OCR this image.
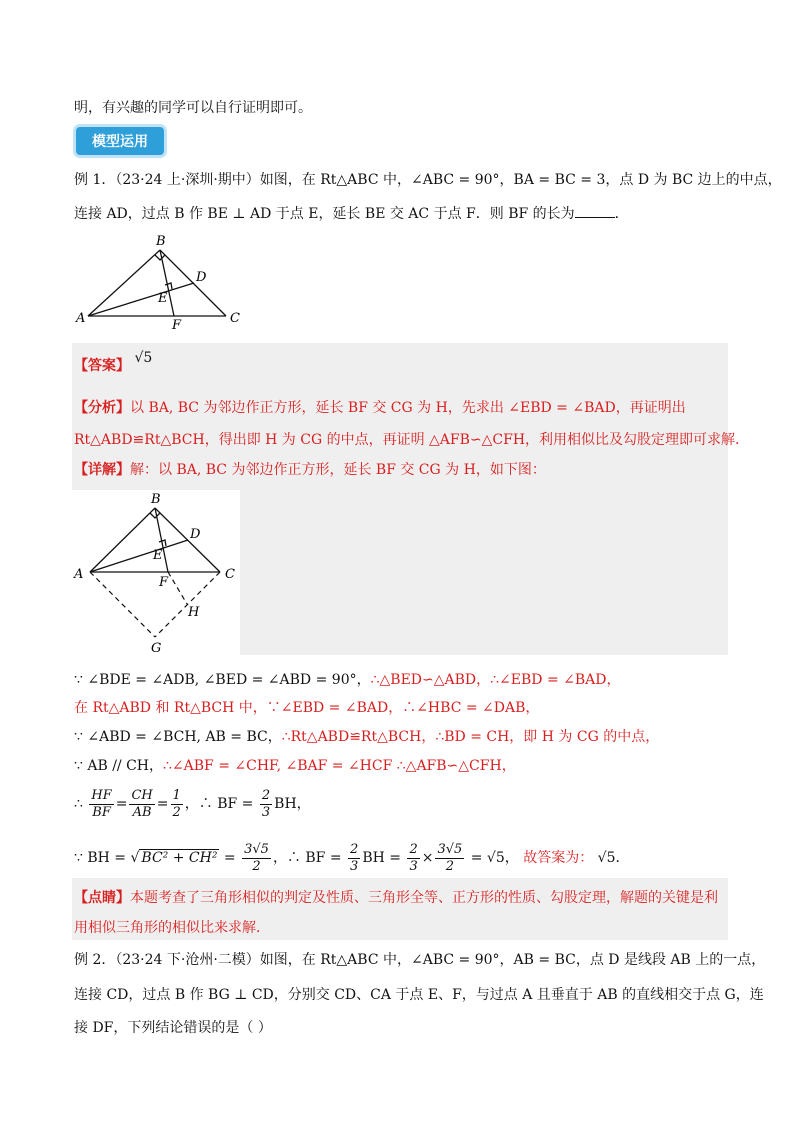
明，有兴趣的同学可以自行证明即可。
模型运用
例 1．（23·24 上·深圳·期中）如图，在 Rt△ABC 中，∠ABC = 90°，BA = BC = 3，点 D 为 BC 边上的中点，
连接 AD，过点 B 作 BE ⊥ AD 于点 E，延长 BE 交 AC 于点 F．则 BF 的长为	．
B
D
E
A	F	C
【答案】 √5
【分析】以 BA, BC 为邻边作正方形，延长 BF 交 CG 为 H，先求出 ∠EBD = ∠BAD，再证明出
Rt△ABD≌Rt△BCH，得出即 H 为 CG 的中点，再证明 △AFB∽△CFH，利用相似比及勾股定理即可求解．
【详解】解：以 BA, BC 为邻边作正方形，延长 BF 交 CG 为 H，如下图：
B
D
E
A
F
C
H
G
∵ ∠BDE = ∠ADB, ∠BED = ∠ABD = 90°，∴△BED∽△ABD，∴∠EBD = ∠BAD，
在 Rt△ABD 和 Rt△BCH 中，∵∠EBD = ∠BAD，∴∠HBC = ∠DAB，
∵ ∠ABD = ∠BCH, AB = BC，∴Rt△ABD≌Rt△BCH，∴BD = CH，即 H 为 CG 的中点，
∵ AB // CH，∴∠ABF = ∠CHF, ∠BAF = ∠HCF ∴△AFB∽△CFH，
∴ $\frac{HF}{BF} = \frac{CH}{AB} = \frac{1}{2}$ ，∴ BF = $\frac{2}{3}$ BH，
∵ BH = √ $BC^2 + CH^2 = \frac{3√5}{2}$ ，∴ BF = $\frac{2}{3}$ BH = $\frac{2}{3} \times \frac{3√5}{2} = √5$， 故答案为： √5．
【点睛】本题考查了三角形相似的判定及性质、三角形全等、正方形的性质、勾股定理，解题的关键是利
用相似三角形的相似比来求解．
例 2．（23·24 下·沧州·二模）如图，在 Rt△ABC 中，∠ABC = 90°，AB = BC，点 D 是线段 AB 上的一点，
连接 CD，过点 B 作 BG ⊥ CD，分别交 CD、CA 于点 E、F，与过点 A 且垂直于 AB 的直线相交于点 G，连
接 DF，下列结论错误的是（ ）
